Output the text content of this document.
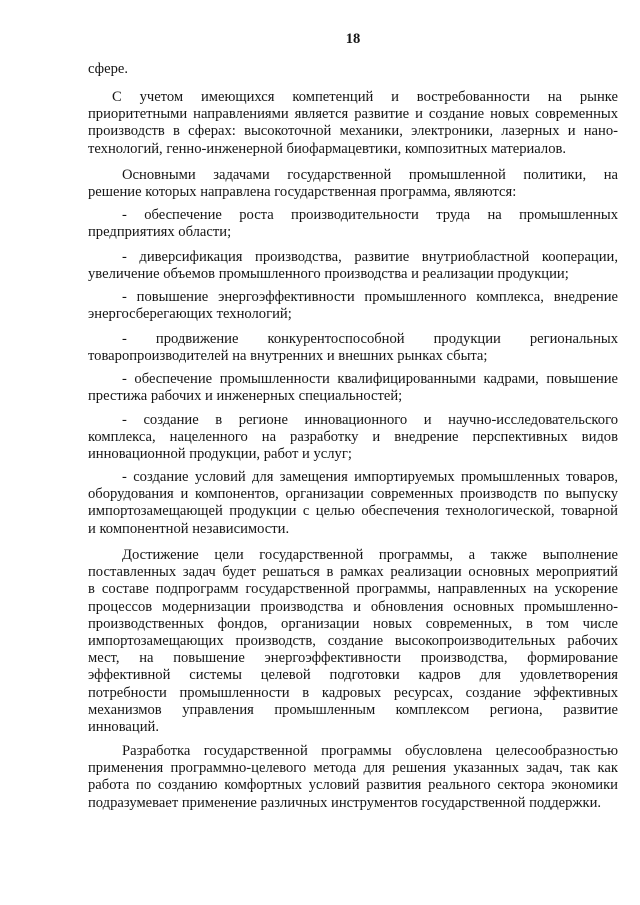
18
сфере.
С учетом имеющихся компетенций и востребованности на рынке
приоритетными направлениями является развитие и создание новых современных
производств в сферах: высокоточной механики, электроники, лазерных и нано-
технологий, генно-инженерной биофармацевтики, композитных материалов.
Основными задачами государственной промышленной политики, на
решение которых направлена государственная программа, являются:
- обеспечение роста производительности труда на промышленных
предприятиях области;
- диверсификация производства, развитие внутриобластной кооперации,
увеличение объемов промышленного производства и реализации продукции;
- повышение энергоэффективности промышленного комплекса, внедрение
энергосберегающих технологий;
- продвижение конкурентоспособной продукции региональных
товаропроизводителей на внутренних и внешних рынках сбыта;
- обеспечение промышленности квалифицированными кадрами, повышение
престижа рабочих и инженерных специальностей;
- создание в регионе инновационного и научно-исследовательского
комплекса, нацеленного на разработку и внедрение перспективных видов
инновационной продукции, работ и услуг;
- создание условий для замещения импортируемых промышленных товаров,
оборудования и компонентов, организации современных производств по выпуску
импортозамещающей продукции с целью обеспечения технологической, товарной
и компонентной независимости.
Достижение цели государственной программы, а также выполнение
поставленных задач будет решаться в рамках реализации основных мероприятий
в составе подпрограмм государственной программы, направленных на ускорение
процессов модернизации производства и обновления основных промышленно-
производственных фондов, организации новых современных, в том числе
импортозамещающих производств, создание высокопроизводительных рабочих
мест, на повышение энергоэффективности производства, формирование
эффективной системы целевой подготовки кадров для удовлетворения
потребности промышленности в кадровых ресурсах, создание эффективных
механизмов управления промышленным комплексом региона, развитие
инноваций.
Разработка государственной программы обусловлена целесообразностью
применения программно-целевого метода для решения указанных задач, так как
работа по созданию комфортных условий развития реального сектора экономики
подразумевает применение различных инструментов государственной поддержки.
